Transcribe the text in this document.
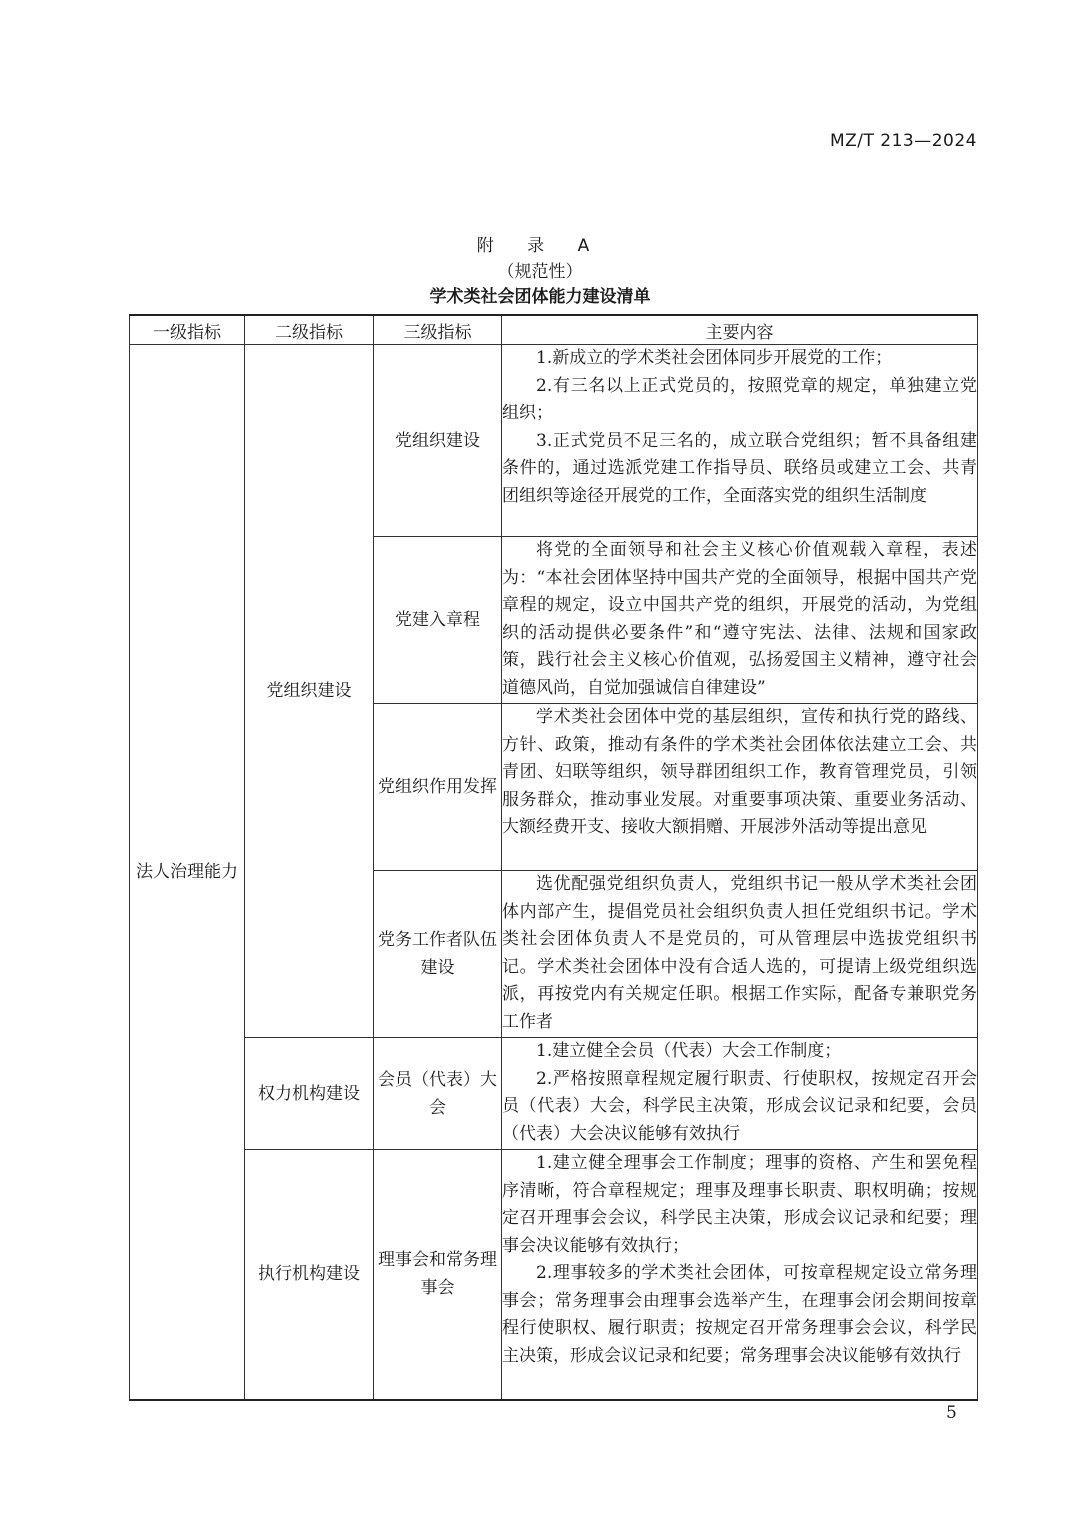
MZ/T 213—2024
附 录 A
（规范性）
学术类社会团体能力建设清单
一级指标	二级指标	三级指标	主要内容
法人治理能力	党组织建设	党组织建设	1.新成立的学术类社会团体同步开展党的工作；
2.有三名以上正式党员的，按照党章的规定，单独建立党组织；
3.正式党员不足三名的，成立联合党组织；暂不具备组建条件的，通过选派党建工作指导员、联络员或建立工会、共青团组织等途径开展党的工作，全面落实党的组织生活制度

		党建入章程	将党的全面领导和社会主义核心价值观载入章程，表述为：“本社会团体坚持中国共产党的全面领导，根据中国共产党章程的规定，设立中国共产党的组织，开展党的活动，为党组织的活动提供必要条件”和“遵守宪法、法律、法规和国家政策，践行社会主义核心价值观，弘扬爱国主义精神，遵守社会道德风尚，自觉加强诚信自律建设”

		党组织作用发挥	学术类社会团体中党的基层组织，宣传和执行党的路线、方针、政策，推动有条件的学术类社会团体依法建立工会、共青团、妇联等组织，领导群团组织工作，教育管理党员，引领服务群众，推动事业发展。对重要事项决策、重要业务活动、大额经费开支、接收大额捐赠、开展涉外活动等提出意见

		党务工作者队伍建设	选优配强党组织负责人，党组织书记一般从学术类社会团体内部产生，提倡党员社会组织负责人担任党组织书记。学术类社会团体负责人不是党员的，可从管理层中选拔党组织书记。学术类社会团体中没有合适人选的，可提请上级党组织选派，再按党内有关规定任职。根据工作实际，配备专兼职党务工作者

	权力机构建设	会员（代表）大会	1.建立健全会员（代表）大会工作制度；
2.严格按照章程规定履行职责、行使职权，按规定召开会员（代表）大会，科学民主决策，形成会议记录和纪要，会员（代表）大会决议能够有效执行

	执行机构建设	理事会和常务理事会	1.建立健全理事会工作制度；理事的资格、产生和罢免程序清晰，符合章程规定；理事及理事长职责、职权明确；按规定召开理事会会议，科学民主决策，形成会议记录和纪要；理事会决议能够有效执行；
2.理事较多的学术类社会团体，可按章程规定设立常务理事会；常务理事会由理事会选举产生，在理事会闭会期间按章程行使职权、履行职责；按规定召开常务理事会会议，科学民主决策，形成会议记录和纪要；常务理事会决议能够有效执行
5
